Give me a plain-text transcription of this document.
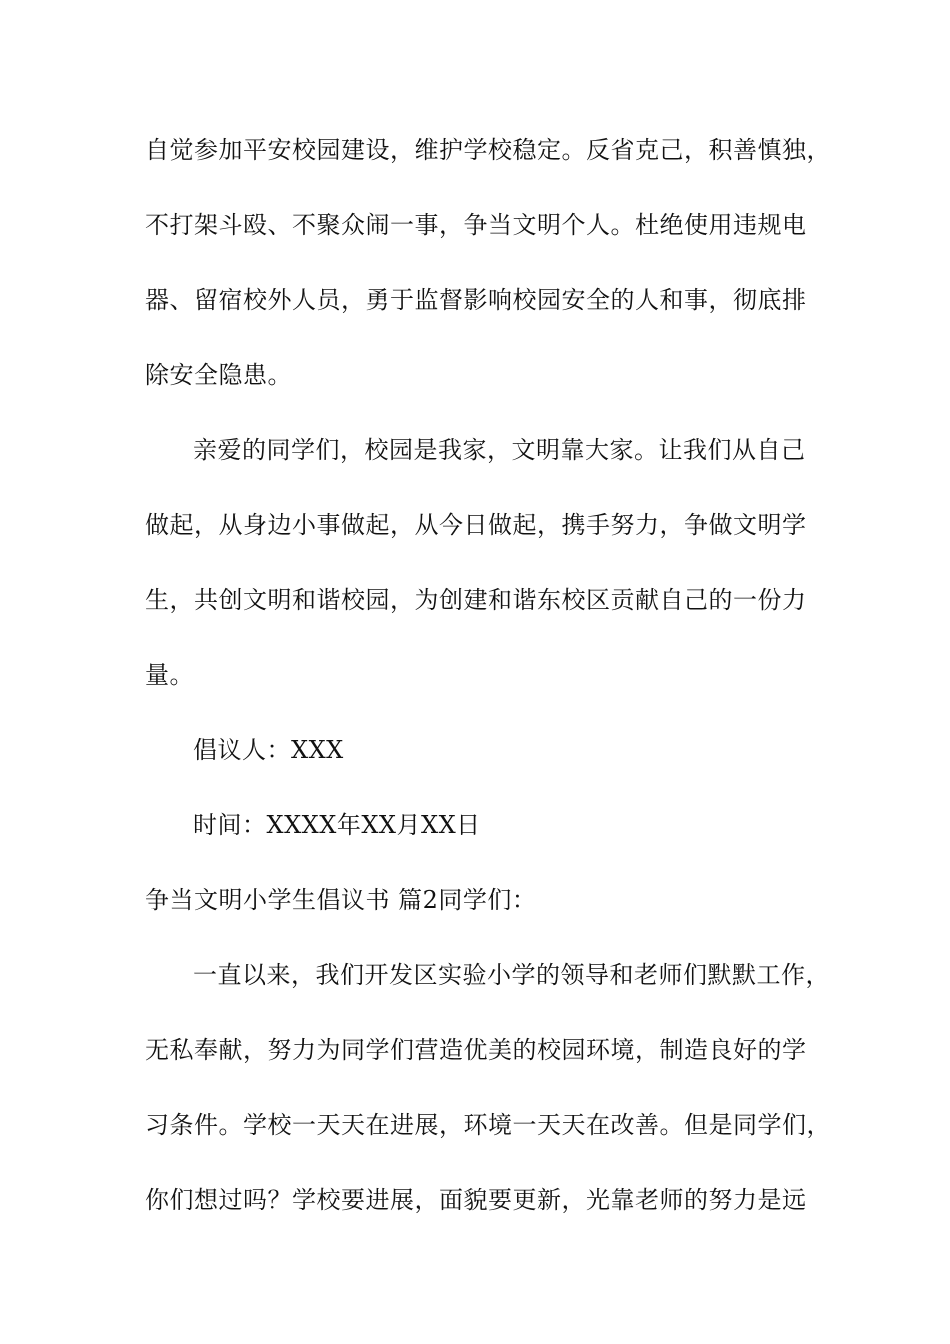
自觉参加平安校园建设，维护学校稳定。反省克己，积善慎独，
不打架斗殴、不聚众闹一事，争当文明个人。杜绝使用违规电
器、留宿校外人员，勇于监督影响校园安全的人和事，彻底排
除安全隐患。
亲爱的同学们，校园是我家，文明靠大家。让我们从自己
做起，从身边小事做起，从今日做起，携手努力，争做文明学
生，共创文明和谐校园，为创建和谐东校区贡献自己的一份力
量。
倡议人：XXX
时间：XXXX年XX月XX日
争当文明小学生倡议书 篇2同学们：
一直以来，我们开发区实验小学的领导和老师们默默工作，
无私奉献，努力为同学们营造优美的校园环境，制造良好的学
习条件。学校一天天在进展，环境一天天在改善。但是同学们，
你们想过吗？学校要进展，面貌要更新，光靠老师的努力是远
